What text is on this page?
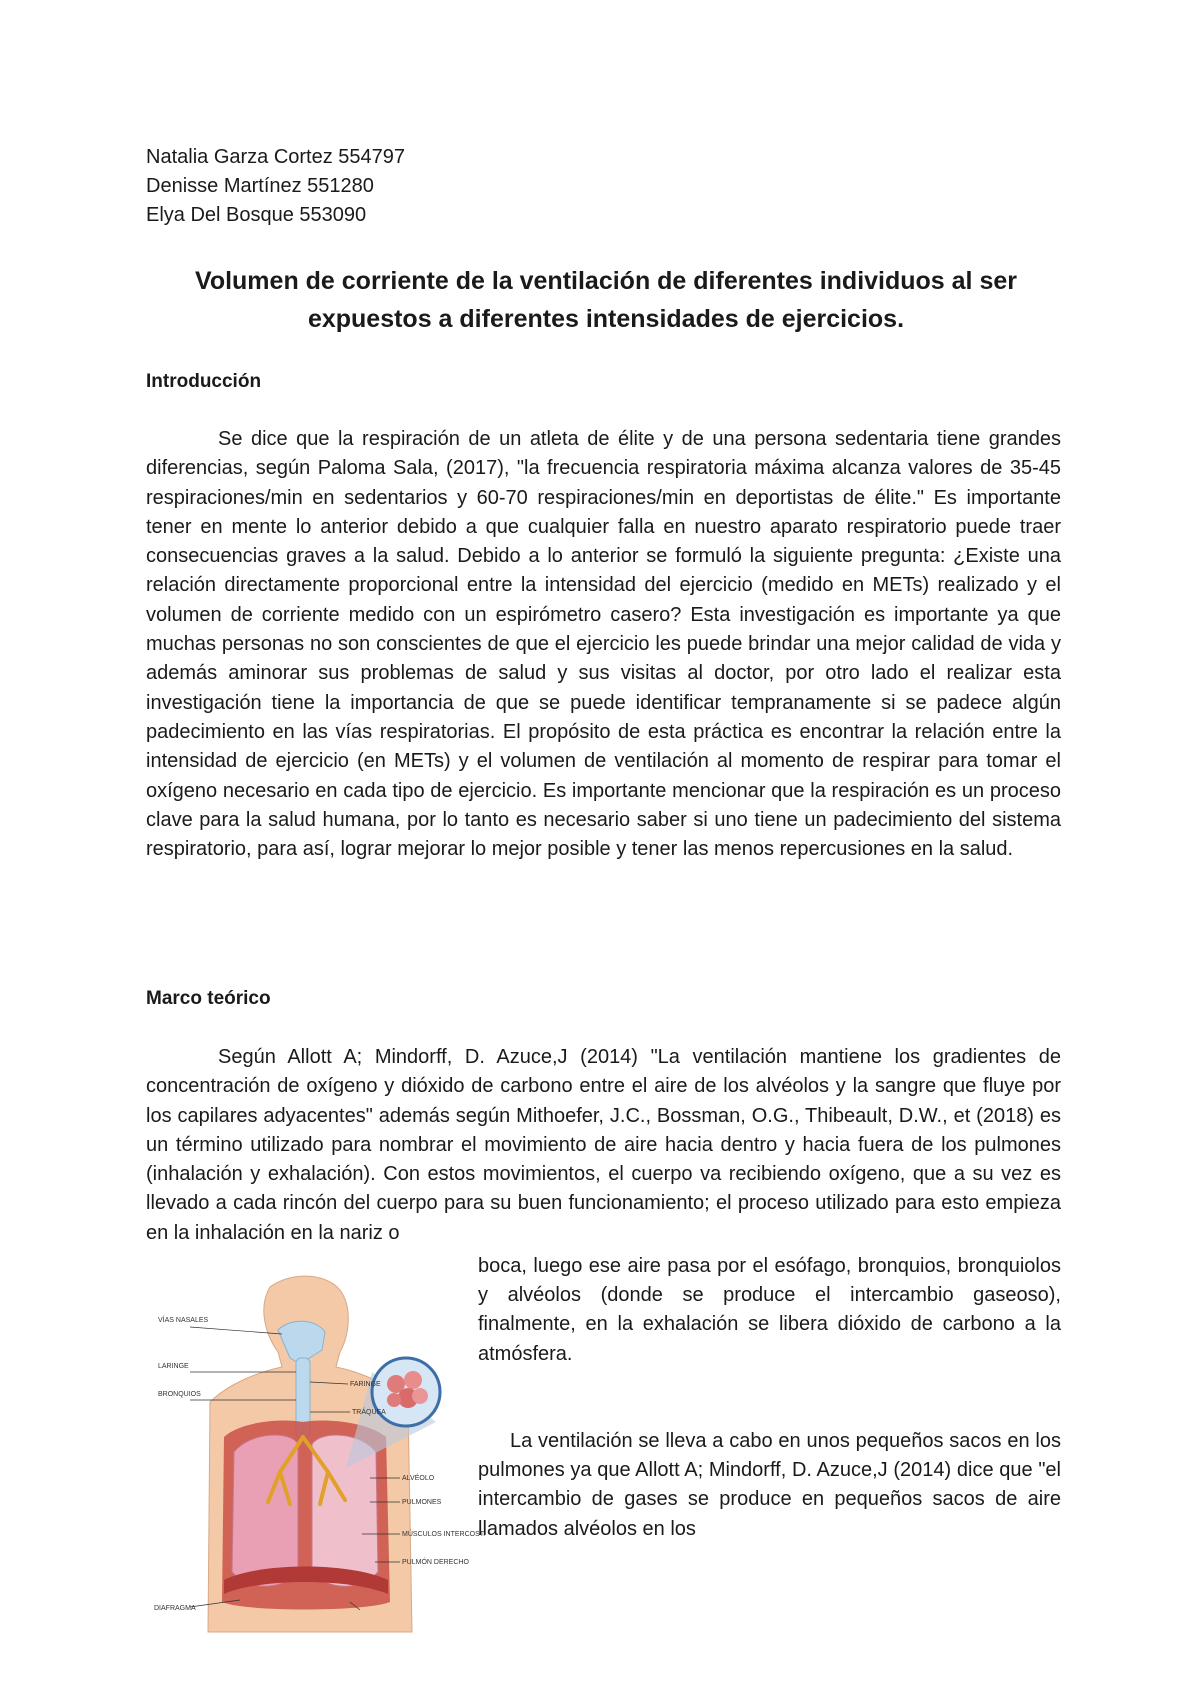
Natalia Garza Cortez 554797
Denisse Martínez 551280
Elya Del Bosque 553090
Volumen de corriente de la ventilación de diferentes individuos al ser expuestos a diferentes intensidades de ejercicios.
Introducción

Se dice que la respiración de un atleta de élite y de una persona sedentaria tiene grandes diferencias, según Paloma Sala, (2017), "la frecuencia respiratoria máxima alcanza valores de 35-45 respiraciones/min en sedentarios y 60-70 respiraciones/min en deportistas de élite." Es importante tener en mente lo anterior debido a que cualquier falla en nuestro aparato respiratorio puede traer consecuencias graves a la salud. Debido a lo anterior se formuló la siguiente pregunta: ¿Existe una relación directamente proporcional entre la intensidad del ejercicio (medido en METs) realizado y el volumen de corriente medido con un espirómetro casero? Esta investigación es importante ya que muchas personas no son conscientes de que el ejercicio les puede brindar una mejor calidad de vida y además aminorar sus problemas de salud y sus visitas al doctor, por otro lado el realizar esta investigación tiene la importancia de que se puede identificar tempranamente si se padece algún padecimiento en las vías respiratorias. El propósito de esta práctica es encontrar la relación entre la intensidad de ejercicio (en METs) y el volumen de ventilación al momento de respirar para tomar el oxígeno necesario en cada tipo de ejercicio. Es importante mencionar que la respiración es un proceso clave para la salud humana, por lo tanto es necesario saber si uno tiene un padecimiento del sistema respiratorio, para así, lograr mejorar lo mejor posible y tener las menos repercusiones en la salud.

Marco teórico

Según Allott A; Mindorff, D. Azuce,J (2014) "La ventilación mantiene los gradientes de concentración de oxígeno y dióxido de carbono entre el aire de los alvéolos y la sangre que fluye por los capilares adyacentes" además según Mithoefer, J.C., Bossman, O.G., Thibeault, D.W., et (2018) es un término utilizado para nombrar el movimiento de aire hacia dentro y hacia fuera de los pulmones (inhalación y exhalación). Con estos movimientos, el cuerpo va recibiendo oxígeno, que a su vez es llevado a cada rincón del cuerpo para su buen funcionamiento; el proceso utilizado para esto empieza en la inhalación en la nariz o

boca, luego ese aire pasa por el esófago, bronquios, bronquiolos y alvéolos (donde se produce el intercambio gaseoso), finalmente, en la exhalación se libera dióxido de carbono a la atmósfera.

La ventilación se lleva a cabo en unos pequeños sacos en los pulmones ya que Allott A; Mindorff, D. Azuce,J (2014) dice que "el intercambio de gases se produce en pequeños sacos de aire llamados alvéolos en los

VÍAS NASALES
LARINGE
BRONQUIOS
FARINGE
TRÁQUEA
ALVÉOLO
PULMONES
MÚSCULOS INTERCOST.
PULMÓN DERECHO
DIAFRAGMA
